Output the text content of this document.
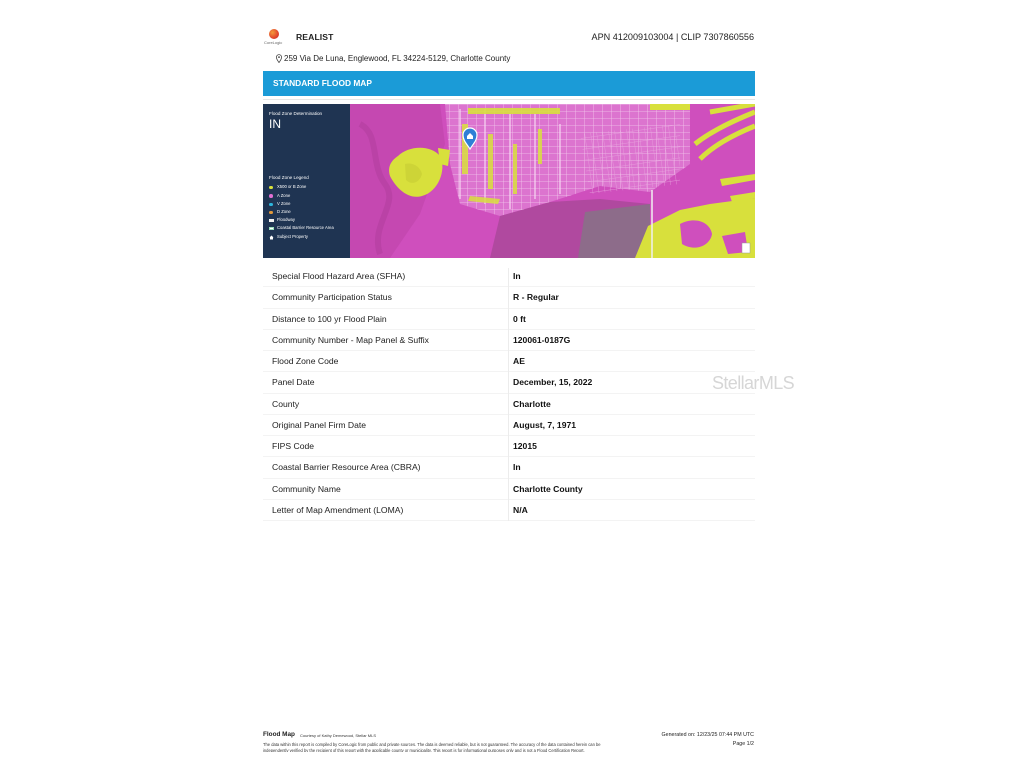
CoreLogic
REALIST	APN 412009103004 | CLIP 7307860556
259 Via De Luna, Englewood, FL 34224-5129, Charlotte County
STANDARD FLOOD MAP
Flood Zone Determination
IN
Flood Zone Legend
X500 or B Zone
A Zone
V Zone
D Zone
Floodway
Coastal Barrier Resource Area
Subject Property
Special Flood Hazard Area (SFHA)	In
Community Participation Status	R - Regular
Distance to 100 yr Flood Plain	0 ft
Community Number - Map Panel & Suffix	120061-0187G
Flood Zone Code	AE
Panel Date	December, 15, 2022
County	Charlotte
Original Panel Firm Date	August, 7, 1971
FIPS Code	12015
Coastal Barrier Resource Area (CBRA)	In
Community Name	Charlotte County
Letter of Map Amendment (LOMA)	N/A
StellarMLS
Flood Map Courtesy of Kathy Demewood, Stellar MLS	Generated on: 12/23/25 07:44 PM UTC
Page 1/2
The data within this report is compiled by CoreLogic from public and private sources. The data is deemed reliable, but is not guaranteed. The accuracy of the data contained herein can be
independently verified by the recipient of this report with the applicable county or municipality. This report is for informational purposes only and is not a Flood Certification Report.
